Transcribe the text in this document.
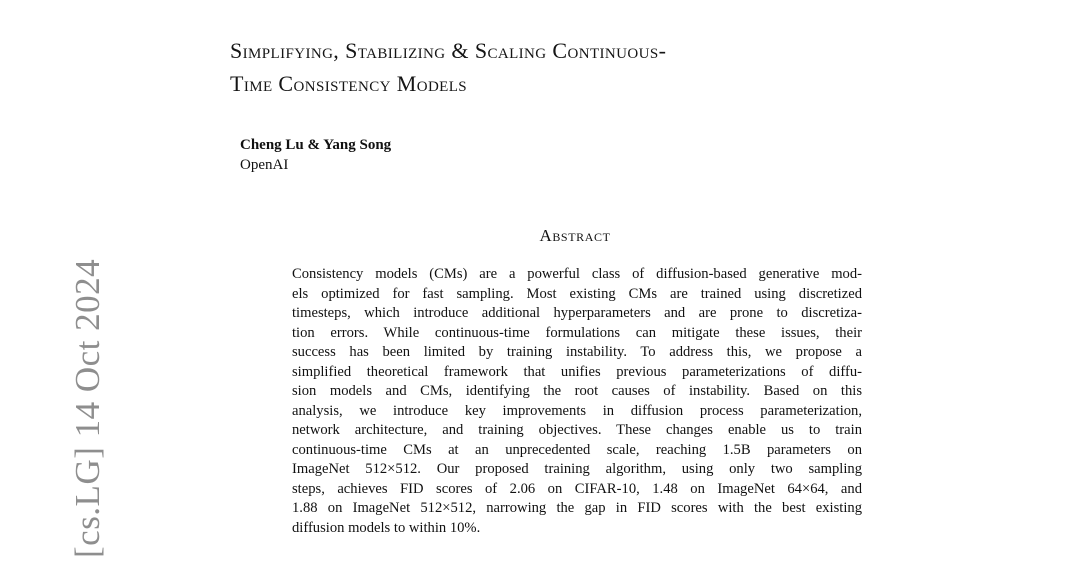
Simplifying, Stabilizing & Scaling Continuous-
Time Consistency Models
Cheng Lu & Yang Song
OpenAI
Abstract
Consistency models (CMs) are a powerful class of diffusion-based generative mod-
els optimized for fast sampling. Most existing CMs are trained using discretized
timesteps, which introduce additional hyperparameters and are prone to discretiza-
tion errors. While continuous-time formulations can mitigate these issues, their
success has been limited by training instability. To address this, we propose a
simplified theoretical framework that unifies previous parameterizations of diffu-
sion models and CMs, identifying the root causes of instability. Based on this
analysis, we introduce key improvements in diffusion process parameterization,
network architecture, and training objectives. These changes enable us to train
continuous-time CMs at an unprecedented scale, reaching 1.5B parameters on
ImageNet 512×512. Our proposed training algorithm, using only two sampling
steps, achieves FID scores of 2.06 on CIFAR-10, 1.48 on ImageNet 64×64, and
1.88 on ImageNet 512×512, narrowing the gap in FID scores with the best existing
diffusion models to within 10%.
[cs.LG] 14 Oct 2024
